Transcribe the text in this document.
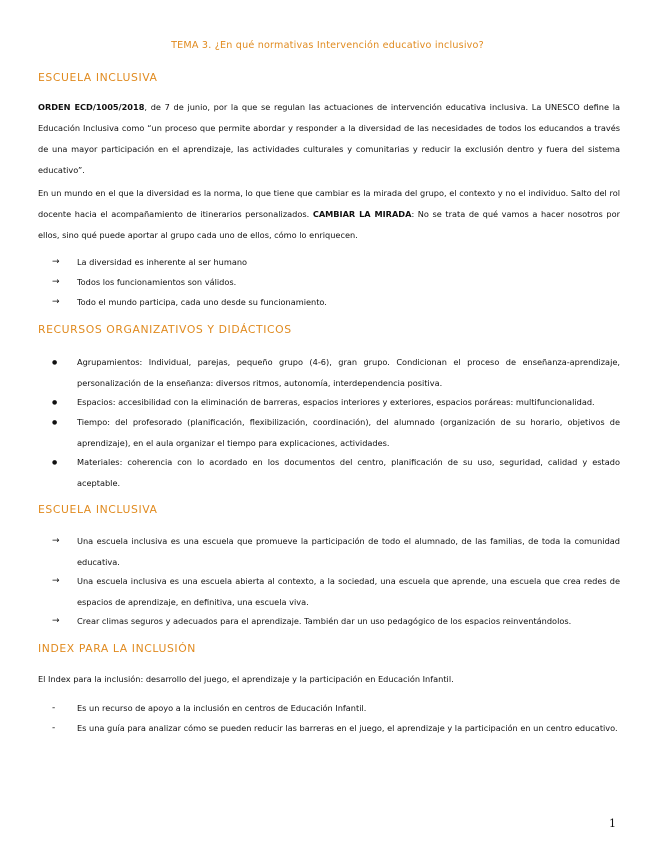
TEMA 3. ¿En qué normativas Intervención educativo inclusivo?
ESCUELA INCLUSIVA

ORDEN ECD/1005/2018, de 7 de junio, por la que se regulan las actuaciones de intervención educativa inclusiva. La UNESCO define la Educación Inclusiva como “un proceso que permite abordar y responder a la diversidad de las necesidades de todos los educandos a través de una mayor participación en el aprendizaje, las actividades culturales y comunitarias y reducir la exclusión dentro y fuera del sistema educativo”.

En un mundo en el que la diversidad es la norma, lo que tiene que cambiar es la mirada del grupo, el contexto y no el individuo. Salto del rol docente hacia el acompañamiento de itinerarios personalizados. CAMBIAR LA MIRADA: No se trata de qué vamos a hacer nosotros por ellos, sino qué puede aportar al grupo cada uno de ellos, cómo lo enriquecen.

→	La diversidad es inherente al ser humano
→	Todos los funcionamientos son válidos.
→	Todo el mundo participa, cada uno desde su funcionamiento.
RECURSOS ORGANIZATIVOS Y DIDÁCTICOS
●	Agrupamientos: Individual, parejas, pequeño grupo (4-6), gran grupo. Condicionan el proceso de enseñanza-aprendizaje, personalización de la enseñanza: diversos ritmos, autonomía, interdependencia positiva.
●	Espacios: accesibilidad con la eliminación de barreras, espacios interiores y exteriores, espacios poráreas: multifuncionalidad.
●	Tiempo: del profesorado (planificación, flexibilización, coordinación), del alumnado (organización de su horario, objetivos de aprendizaje), en el aula organizar el tiempo para explicaciones, actividades.
●	Materiales: coherencia con lo acordado en los documentos del centro, planificación de su uso, seguridad, calidad y estado aceptable.
ESCUELA INCLUSIVA
→	Una escuela inclusiva es una escuela que promueve la participación de todo el alumnado, de las familias, de toda la comunidad educativa.
→	Una escuela inclusiva es una escuela abierta al contexto, a la sociedad, una escuela que aprende, una escuela que crea redes de espacios de aprendizaje, en definitiva, una escuela viva.
→	Crear climas seguros y adecuados para el aprendizaje. También dar un uso pedagógico de los espacios reinventándolos.
INDEX PARA LA INCLUSIÓN

El Index para la inclusión: desarrollo del juego, el aprendizaje y la participación en Educación Infantil.

-	Es un recurso de apoyo a la inclusión en centros de Educación Infantil.
-	Es una guía para analizar cómo se pueden reducir las barreras en el juego, el aprendizaje y la participación en un centro educativo.
1
